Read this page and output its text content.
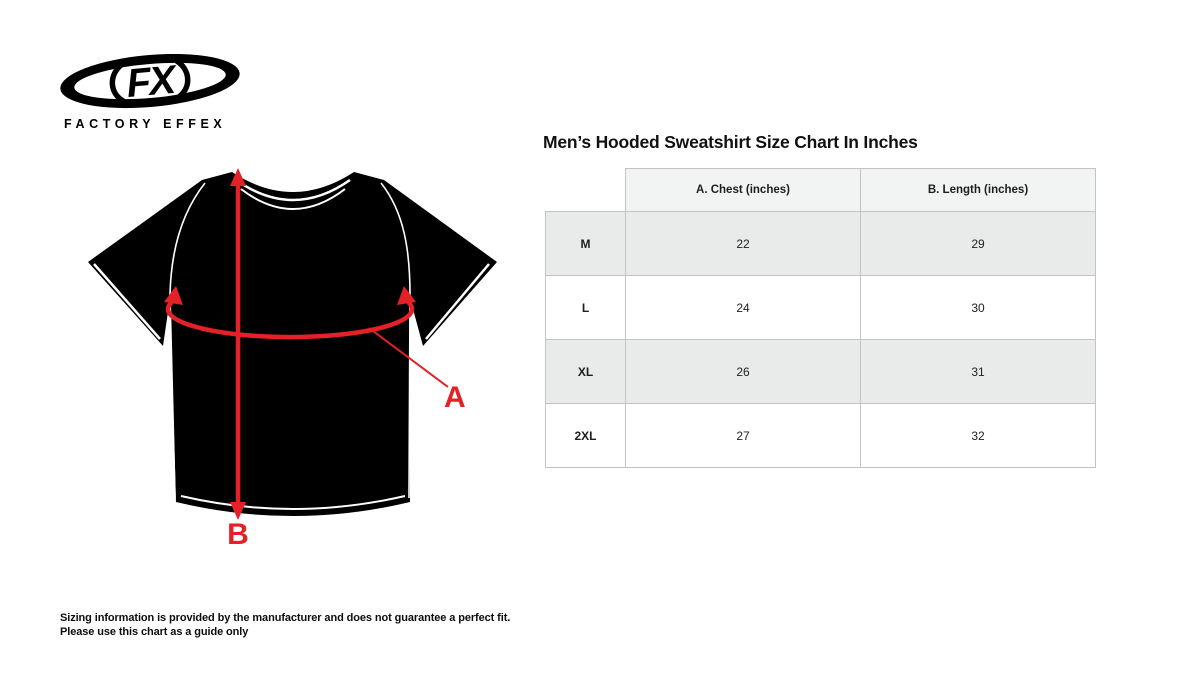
FX
FACTORY EFFEX
A
B
Men’s Hooded Sweatshirt Size Chart In Inches
	A. Chest (inches)	B. Length (inches)
M	22	29
L	24	30
XL	26	31
2XL	27	32
Sizing information is provided by the manufacturer and does not guarantee a perfect fit.
Please use this chart as a guide only
